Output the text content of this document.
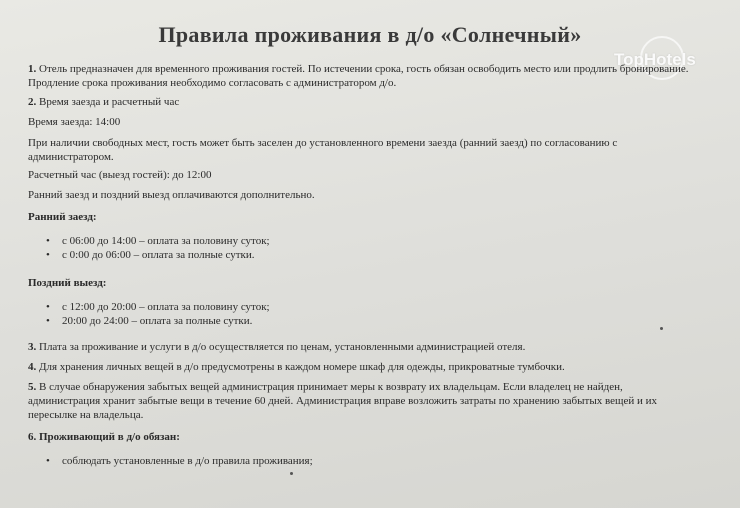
Правила проживания в д/о «Солнечный»
TopHotels
1. Отель предназначен для временного проживания гостей. По истечении срока, гость обязан освободить место или продлить бронирование.
Продление срока проживания необходимо согласовать с администратором д/о.
2. Время заезда и расчетный час
Время заезда: 14:00
При наличии свободных мест, гость может быть заселен до установленного времени заезда (ранний заезд) по согласованию с
администратором.
Расчетный час (выезд гостей): до 12:00
Ранний заезд и поздний выезд оплачиваются дополнительно.
Ранний заезд:
• с 06:00 до 14:00 – оплата за половину суток;
• с 0:00 до 06:00 – оплата за полные сутки.
Поздний выезд:
• с 12:00 до 20:00 – оплата за половину суток;
• 20:00 до 24:00 – оплата за полные сутки.
3. Плата за проживание и услуги в д/о осуществляется по ценам, установленными администрацией отеля.
4. Для хранения личных вещей в д/о предусмотрены в каждом номере шкаф для одежды, прикроватные тумбочки.
5. В случае обнаружения забытых вещей администрация принимает меры к возврату их владельцам. Если владелец не найден,
администрация хранит забытые вещи в течение 60 дней. Администрация вправе возложить затраты по хранению забытых вещей и их
пересылке на владельца.
6. Проживающий в д/о обязан:
• соблюдать установленные в д/о правила проживания;
